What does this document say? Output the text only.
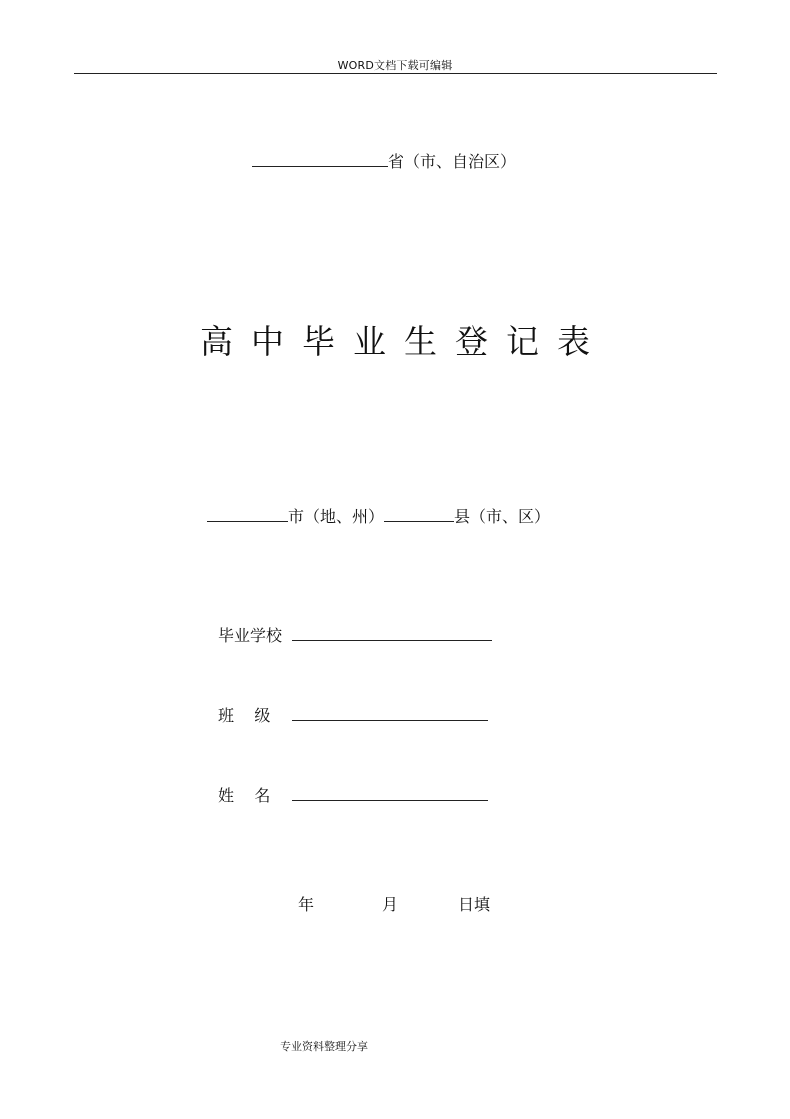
WORD文档下载可编辑
省（市、自治区）
高中毕业生登记表
市（地、州）	县（市、区）
毕业学校
班    级
姓    名
年	月	日填
专业资料整理分享
